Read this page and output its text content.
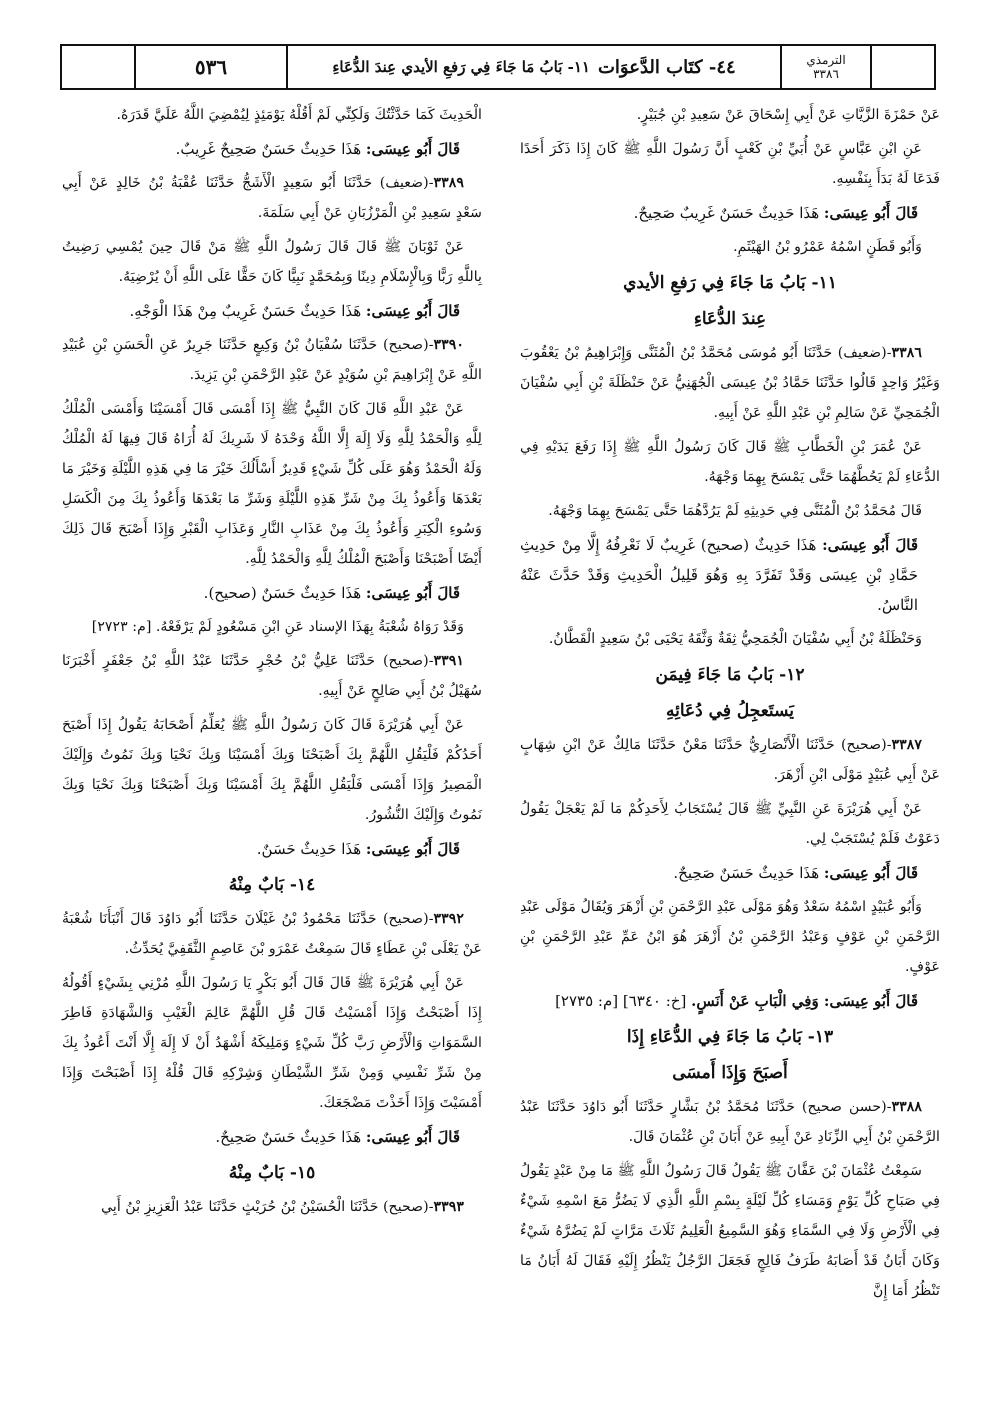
٥٣٦	٤٤- كتَاب الدَّعوَات
١١- بَابُ مَا جَاءَ فِي رَفعِ الأيدي عِندَ الدُّعَاءِ	الترمذي
٣٣٨٦
عَنْ حَمْزَةَ الزَّيَّاتِ عَنْ أَبِي إِسْحَاقَ عَنْ سَعِيدِ بْنِ جُبَيْرٍ.
عَنِ ابْنِ عَبَّاسٍ عَنْ أُبَيِّ بْنِ كَعْبٍ أَنَّ رَسُولَ اللَّهِ ﷺ كَانَ إِذَا ذَكَرَ أَحَدًا فَدَعَا لَهُ بَدَأَ بِنَفْسِهِ.
قَالَ أَبُو عِيسَى: هَذَا حَدِيثٌ حَسَنٌ غَرِيبٌ صَحِيحٌ.
وَأَبُو قَطَنٍ اسْمُهُ عَمْرُو بْنُ الهَيْثَمِ.
١١- بَابُ مَا جَاءَ فِي رَفعِ الأيدي
عِندَ الدُّعَاءِ
٣٣٨٦-(ضعيف) حَدَّثَنَا أَبُو مُوسَى مُحَمَّدُ بْنُ الْمُثَنَّى وَإِبْرَاهِيمُ بْنُ يَعْقُوبَ وَغَيْرُ وَاحِدٍ قَالُوا حَدَّثَنَا حَمَّادُ بْنُ عِيسَى الْجُهَنِيُّ عَنْ حَنْظَلَةَ بْنِ أَبِي سُفْيَانَ الْجُمَحِيِّ عَنْ سَالِمِ بْنِ عَبْدِ اللَّهِ عَنْ أَبِيهِ.
عَنْ عُمَرَ بْنِ الْخَطَّابِ ﷺ قَالَ كَانَ رَسُولُ اللَّهِ ﷺ إِذَا رَفَعَ يَدَيْهِ فِي الدُّعَاءِ لَمْ يَحُطَّهُمَا حَتَّى يَمْسَحَ بِهِمَا وَجْهَهُ.
قَالَ مُحَمَّدُ بْنُ الْمُثَنَّى فِي حَدِيثِهِ لَمْ يَرُدَّهُمَا حَتَّى يَمْسَحَ بِهِمَا وَجْهَهُ.
قَالَ أَبُو عِيسَى: هَذَا حَدِيثٌ (صحيح) غَرِيبٌ لَا نَعْرِفُهُ إِلَّا مِنْ حَدِيثِ حَمَّادِ بْنِ عِيسَى وَقَدْ تَفَرَّدَ بِهِ وَهُوَ قَلِيلُ الْحَدِيثِ وَقَدْ حَدَّثَ عَنْهُ النَّاسُ.
وَحَنْظَلَةُ بْنُ أَبِي سُفْيَانَ الْجُمَحِيُّ ثِقَةٌ وَثَّقَهُ يَحْيَى بْنُ سَعِيدٍ الْقَطَّانُ.
١٢- بَابُ مَا جَاءَ فِيمَن
يَستَعجِلُ فِي دُعَائِهِ
٣٣٨٧-(صحيح) حَدَّثَنَا الْأَنْصَارِيُّ حَدَّثَنَا مَعْنٌ حَدَّثَنَا مَالِكٌ عَنْ ابْنِ شِهَابٍ عَنْ أَبِي عُبَيْدٍ مَوْلَى ابْنِ أَزْهَرَ.
عَنْ أَبِي هُرَيْرَةَ عَنِ النَّبِيِّ ﷺ قَالَ يُسْتَجَابُ لِأَحَدِكُمْ مَا لَمْ يَعْجَلْ يَقُولُ دَعَوْتُ فَلَمْ يُسْتَجَبْ لِي.
قَالَ أَبُو عِيسَى: هَذَا حَدِيثٌ حَسَنٌ صَحِيحٌ.
وَأَبُو عُبَيْدٍ اسْمُهُ سَعْدٌ وَهُوَ مَوْلَى عَبْدِ الرَّحْمَنِ بْنِ أَزْهَرَ وَيُقَالُ مَوْلَى عَبْدِ الرَّحْمَنِ بْنِ عَوْفٍ وَعَبْدُ الرَّحْمَنِ بْنُ أَزْهَرَ هُوَ ابْنُ عَمِّ عَبْدِ الرَّحْمَنِ بْنِ عَوْفٍ.
قَالَ أَبُو عِيسَى: وَفِي الْبَابِ عَنْ أَنَسٍ. [خ: ٦٣٤٠] [م: ٢٧٣٥]
١٣- بَابُ مَا جَاءَ فِي الدُّعَاءِ إِذَا
أَصبَحَ وَإِذَا أَمسَى
٣٣٨٨-(حسن صحيح) حَدَّثَنَا مُحَمَّدُ بْنُ بَشَّارٍ حَدَّثَنَا أَبُو دَاوُدَ حَدَّثَنَا عَبْدُ الرَّحْمَنِ بْنُ أَبِي الزِّنَادِ عَنْ أَبِيهِ عَنْ أَبَانَ بْنِ عُثْمَانَ قَالَ.
سَمِعْتُ عُثْمَانَ بْنَ عَفَّانَ ﷺ يَقُولُ قَالَ رَسُولُ اللَّهِ ﷺ مَا مِنْ عَبْدٍ يَقُولُ فِي صَبَاحِ كُلِّ يَوْمٍ وَمَسَاءِ كُلِّ لَيْلَةٍ بِسْمِ اللَّهِ الَّذِي لَا يَضُرُّ مَعَ اسْمِهِ شَيْءٌ فِي الْأَرْضِ وَلَا فِي السَّمَاءِ وَهُوَ السَّمِيعُ الْعَلِيمُ ثَلَاثَ مَرَّاتٍ لَمْ يَضُرَّهُ شَيْءٌ وَكَانَ أَبَانُ قَدْ أَصَابَهُ طَرَفُ فَالِجٍ فَجَعَلَ الرَّجُلُ يَنْظُرُ إِلَيْهِ فَقَالَ لَهُ أَبَانُ مَا تَنْظُرُ أَمَا إِنَّ
الْحَدِيثَ كَمَا حَدَّثْتُكَ وَلَكِنِّي لَمْ أَقُلْهُ يَوْمَئِذٍ لِيُمْضِيَ اللَّهُ عَلَيَّ قَدَرَهُ.
قَالَ أَبُو عِيسَى: هَذَا حَدِيثٌ حَسَنٌ صَحِيحٌ غَرِيبٌ.
٣٣٨٩-(ضعيف) حَدَّثَنَا أَبُو سَعِيدٍ الْأَشَجُّ حَدَّثَنَا عُقْبَةُ بْنُ خَالِدٍ عَنْ أَبِي سَعْدٍ سَعِيدِ بْنِ الْمَرْزُبَانِ عَنْ أَبِي سَلَمَةَ.
عَنْ ثَوْبَانَ ﷺ قَالَ قَالَ رَسُولُ اللَّهِ ﷺ مَنْ قَالَ حِينَ يُمْسِي رَضِيتُ بِاللَّهِ رَبًّا وَبِالْإِسْلَامِ دِينًا وَبِمُحَمَّدٍ نَبِيًّا كَانَ حَقًّا عَلَى اللَّهِ أَنْ يُرْضِيَهُ.
قَالَ أَبُو عِيسَى: هَذَا حَدِيثٌ حَسَنٌ غَرِيبٌ مِنْ هَذَا الْوَجْهِ.
٣٣٩٠-(صحيح) حَدَّثَنَا سُفْيَانُ بْنُ وَكِيعٍ حَدَّثَنَا جَرِيرٌ عَنِ الْحَسَنِ بْنِ عُبَيْدِ اللَّهِ عَنْ إِبْرَاهِيمَ بْنِ سُوَيْدٍ عَنْ عَبْدِ الرَّحْمَنِ بْنِ يَزِيدَ.
عَنْ عَبْدِ اللَّهِ قَالَ كَانَ النَّبِيُّ ﷺ إِذَا أَمْسَى قَالَ أَمْسَيْنَا وَأَمْسَى الْمُلْكُ لِلَّهِ وَالْحَمْدُ لِلَّهِ وَلَا إِلَهَ إِلَّا اللَّهُ وَحْدَهُ لَا شَرِيكَ لَهُ أُرَاهُ قَالَ فِيهَا لَهُ الْمُلْكُ وَلَهُ الْحَمْدُ وَهُوَ عَلَى كُلِّ شَيْءٍ قَدِيرٌ أَسْأَلُكَ خَيْرَ مَا فِي هَذِهِ اللَّيْلَةِ وَخَيْرَ مَا بَعْدَهَا وَأَعُوذُ بِكَ مِنْ شَرِّ هَذِهِ اللَّيْلَةِ وَشَرِّ مَا بَعْدَهَا وَأَعُوذُ بِكَ مِنَ الْكَسَلِ وَسُوءِ الْكِبَرِ وَأَعُوذُ بِكَ مِنْ عَذَابِ النَّارِ وَعَذَابِ الْقَبْرِ وَإِذَا أَصْبَحَ قَالَ ذَلِكَ أَيْضًا أَصْبَحْنَا وَأَصْبَحَ الْمُلْكُ لِلَّهِ وَالْحَمْدُ لِلَّهِ.
قَالَ أَبُو عِيسَى: هَذَا حَدِيثٌ حَسَنٌ (صحيح).
وَقَدْ رَوَاهُ شُعْبَةُ بِهَذَا الإسناد عَنِ ابْنِ مَسْعُودٍ لَمْ يَرْفَعْهُ. [م: ٢٧٢٣]
٣٣٩١-(صحيح) حَدَّثَنَا عَلِيُّ بْنُ حُجْرٍ حَدَّثَنَا عَبْدُ اللَّهِ بْنُ جَعْفَرٍ أَخْبَرَنَا سُهَيْلُ بْنُ أَبِي صَالِحٍ عَنْ أَبِيهِ.
عَنْ أَبِي هُرَيْرَةَ قَالَ كَانَ رَسُولُ اللَّهِ ﷺ يُعَلِّمُ أَصْحَابَهُ يَقُولُ إِذَا أَصْبَحَ أَحَدُكُمْ فَلْيَقُلِ اللَّهُمَّ بِكَ أَصْبَحْنَا وَبِكَ أَمْسَيْنَا وَبِكَ نَحْيَا وَبِكَ نَمُوتُ وَإِلَيْكَ الْمَصِيرُ وَإِذَا أَمْسَى فَلْيَقُلِ اللَّهُمَّ بِكَ أَمْسَيْنَا وَبِكَ أَصْبَحْنَا وَبِكَ نَحْيَا وَبِكَ نَمُوتُ وَإِلَيْكَ النُّشُورُ.
قَالَ أَبُو عِيسَى: هَذَا حَدِيثٌ حَسَنٌ.
١٤- بَابٌ مِنْهُ
٣٣٩٢-(صحيح) حَدَّثَنَا مَحْمُودُ بْنُ غَيْلَانَ حَدَّثَنَا أَبُو دَاوُدَ قَالَ أَنْبَأَنَا شُعْبَةُ عَنْ يَعْلَى بْنِ عَطَاءٍ قَالَ سَمِعْتُ عَمْرَو بْنَ عَاصِمٍ الثَّقَفِيَّ يُحَدِّثُ.
عَنْ أَبِي هُرَيْرَةَ ﷺ قَالَ قَالَ أَبُو بَكْرٍ يَا رَسُولَ اللَّهِ مُرْنِي بِشَيْءٍ أَقُولُهُ إِذَا أَصْبَحْتُ وَإِذَا أَمْسَيْتُ قَالَ قُلِ اللَّهُمَّ عَالِمَ الْغَيْبِ وَالشَّهَادَةِ فَاطِرَ السَّمَوَاتِ وَالْأَرْضِ رَبَّ كُلِّ شَيْءٍ وَمَلِيكَهُ أَشْهَدُ أَنْ لَا إِلَهَ إِلَّا أَنْتَ أَعُوذُ بِكَ مِنْ شَرِّ نَفْسِي وَمِنْ شَرِّ الشَّيْطَانِ وَشِرْكِهِ قَالَ قُلْهُ إِذَا أَصْبَحْتَ وَإِذَا أَمْسَيْتَ وَإِذَا أَخَذْتَ مَضْجَعَكَ.
قَالَ أَبُو عِيسَى: هَذَا حَدِيثٌ حَسَنٌ صَحِيحٌ.
١٥- بَابٌ مِنْهُ
٣٣٩٣-(صحيح) حَدَّثَنَا الْحُسَيْنُ بْنُ حُرَيْثٍ حَدَّثَنَا عَبْدُ الْعَزِيزِ بْنُ أَبِي
